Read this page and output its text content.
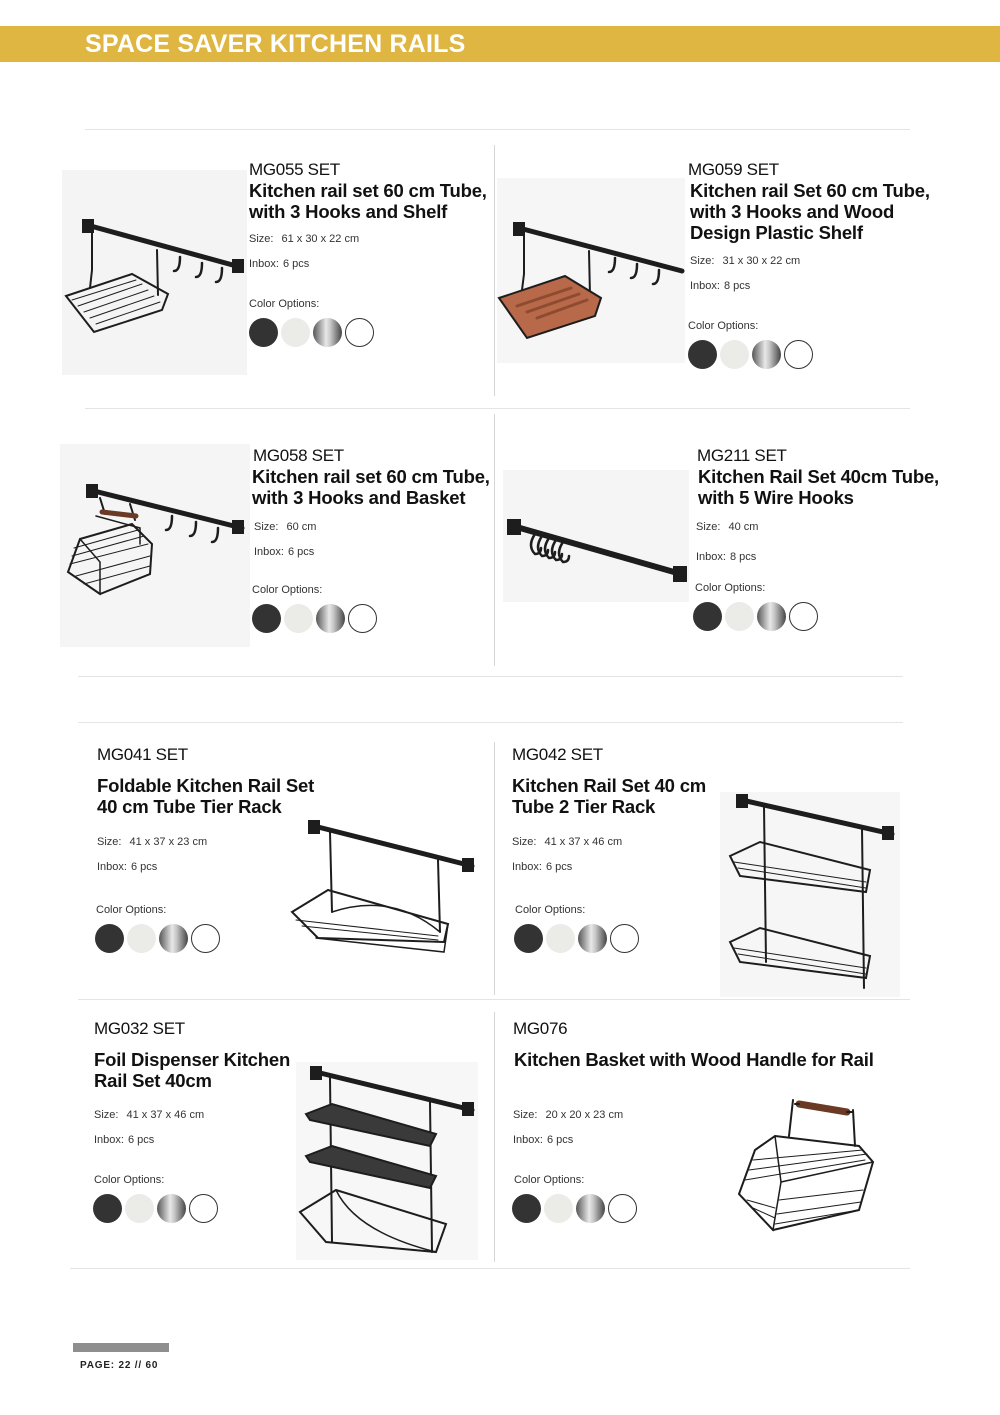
SPACE SAVER KITCHEN RAILS
MG055 SET
Kitchen rail set 60 cm Tube,
with 3 Hooks and Shelf
Size: 61 x 30 x 22 cm
Inbox: 6 pcs
Color Options:
MG059 SET
Kitchen rail Set 60 cm Tube,
with 3 Hooks and Wood
Design Plastic Shelf
Size: 31 x 30 x 22 cm
Inbox: 8 pcs
Color Options:
MG058 SET
Kitchen rail set 60 cm Tube,
with 3 Hooks and Basket
Size: 60 cm
Inbox: 6 pcs
Color Options:
MG211 SET
Kitchen Rail Set 40cm Tube,
with 5 Wire Hooks
Size: 40 cm
Inbox: 8 pcs
Color Options:
MG041 SET
Foldable Kitchen Rail Set
40 cm Tube Tier Rack
Size: 41 x 37 x 23 cm
Inbox: 6 pcs
Color Options:
MG042 SET
Kitchen Rail Set 40 cm
Tube 2 Tier Rack
Size: 41 x 37 x 46 cm
Inbox: 6 pcs
Color Options:
MG032 SET
Foil Dispenser Kitchen
Rail Set 40cm
Size: 41 x 37 x 46 cm
Inbox: 6 pcs
Color Options:
MG076
Kitchen Basket with Wood Handle for Rail
Size: 20 x 20 x 23 cm
Inbox: 6 pcs
Color Options:
PAGE: 22 // 60
